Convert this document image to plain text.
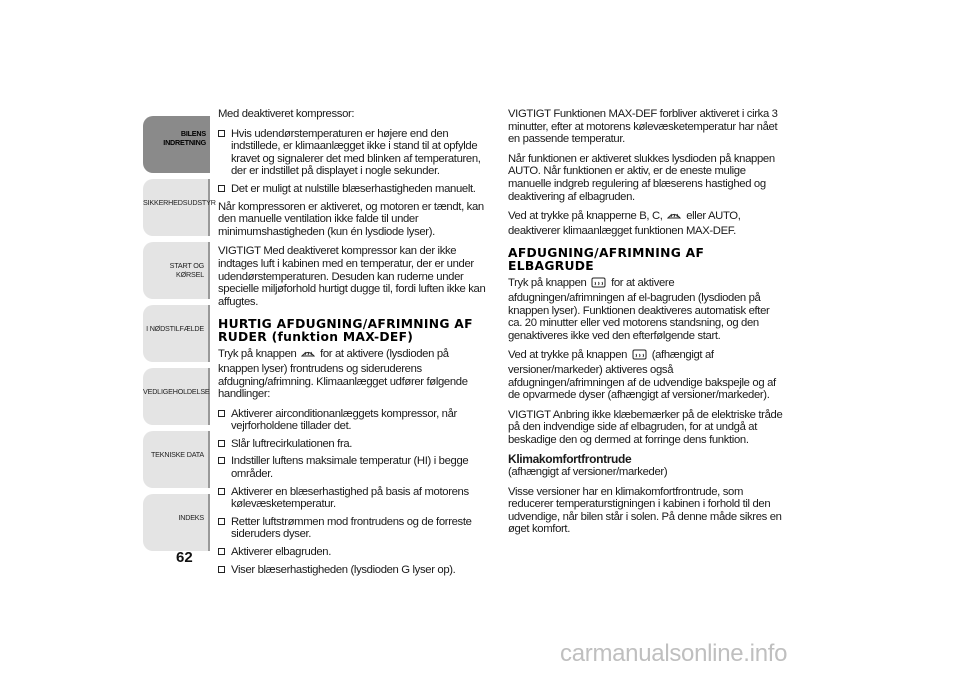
BILENS
INDRETNING
SIKKERHEDSUDSTYR
START OG KØRSEL
I NØDSTILFÆLDE
VEDLIGEHOLDELSE
TEKNISKE DATA
INDEKS
62

Med deaktiveret kompressor:

Hvis udendørstemperaturen er højere end den indstillede, er klimaanlægget ikke i stand til at opfylde kravet og signalerer det med blinken af temperaturen, der er indstillet på displayet i nogle sekunder.
Det er muligt at nulstille blæserhastigheden manuelt.

Når kompressoren er aktiveret, og motoren er tændt, kan den manuelle ventilation ikke falde til under minimumshastigheden (kun én lysdiode lyser).

VIGTIGT Med deaktiveret kompressor kan der ikke indtages luft i kabinen med en temperatur, der er under udendørstemperaturen. Desuden kan ruderne under specielle miljøforhold hurtigt dugge til, fordi luften ikke kan affugtes.

HURTIG AFDUGNING/AFRIMNING AF RUDER (funktion MAX-DEF)

Tryk på knappen for at aktivere (lysdioden på knappen lyser) frontrudens og sideruderens afdugning/afrimning. Klimaanlægget udfører følgende handlinger:

Aktiverer airconditionanlæggets kompressor, når vejrforholdene tillader det.
Slår luftrecirkulationen fra.
Indstiller luftens maksimale temperatur (HI) i begge områder.
Aktiverer en blæserhastighed på basis af motorens kølevæsketemperatur.
Retter luftstrømmen mod frontrudens og de forreste sideruders dyser.
Aktiverer elbagruden.
Viser blæserhastigheden (lysdioden G lyser op).

VIGTIGT Funktionen MAX-DEF forbliver aktiveret i cirka 3 minutter, efter at motorens kølevæsketemperatur har nået en passende temperatur.

Når funktionen er aktiveret slukkes lysdioden på knappen AUTO. Når funktionen er aktiv, er de eneste mulige manuelle indgreb regulering af blæserens hastighed og deaktivering af elbagruden.

Ved at trykke på knapperne B, C, eller AUTO, deaktiverer klimaanlægget funktionen MAX-DEF.

AFDUGNING/AFRIMNING AF ELBAGRUDE

Tryk på knappen for at aktivere afdugningen/afrimningen af el-bagruden (lysdioden på knappen lyser). Funktionen deaktiveres automatisk efter ca. 20 minutter eller ved motorens standsning, og den genaktiveres ikke ved den efterfølgende start.

Ved at trykke på knappen (afhængigt af versioner/markeder) aktiveres også afdugningen/afrimningen af de udvendige bakspejle og af de opvarmede dyser (afhængigt af versioner/markeder).

VIGTIGT Anbring ikke klæbemærker på de elektriske tråde på den indvendige side af elbagruden, for at undgå at beskadige den og dermed at forringe dens funktion.

Klimakomfortfrontrude

(afhængigt af versioner/markeder)

Visse versioner har en klimakomfortfrontrude, som reducerer temperaturstigningen i kabinen i forhold til den udvendige, når bilen står i solen. På denne måde sikres en øget komfort.

carmanualsonline.info
